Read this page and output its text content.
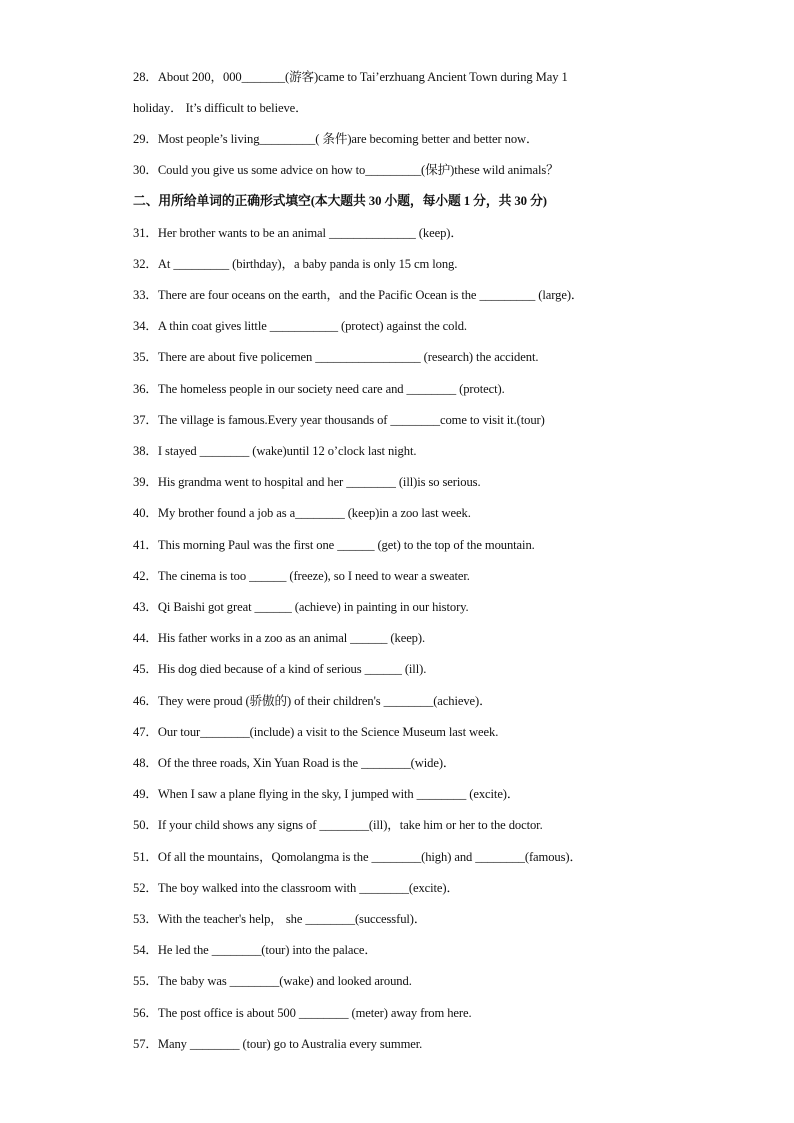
28．About 200，000_______(游客)came to Tai’erzhuang Ancient Town during May 1
holiday． It’s difficult to believe．
29．Most people’s living_________( 条件)are becoming better and better now．
30．Could you give us some advice on how to_________(保护)these wild animals？
二、用所给单词的正确形式填空(本大题共 30 小题，每小题 1 分，共 30 分)
31．Her brother wants to be an animal ______________ (keep)．
32．At _________ (birthday)，a baby panda is only 15 cm long.
33．There are four oceans on the earth，and the Pacific Ocean is the _________ (large)．
34．A thin coat gives little ___________ (protect) against the cold.
35．There are about five policemen _________________ (research) the accident.
36．The homeless people in our society need care and ________ (protect).
37．The village is famous.Every year thousands of ________come to visit it.(tour)
38．I stayed ________ (wake)until 12 o’clock last night.
39．His grandma went to hospital and her ________ (ill)is so serious.
40．My brother found a job as a________ (keep)in a zoo last week.
41．This morning Paul was the first one ______ (get) to the top of the mountain.
42．The cinema is too ______ (freeze), so I need to wear a sweater.
43．Qi Baishi got great ______ (achieve) in painting in our history.
44．His father works in a zoo as an animal ______ (keep).
45．His dog died because of a kind of serious ______ (ill).
46．They were proud (骄傲的) of their children's ________(achieve)．
47．Our tour________(include) a visit to the Science Museum last week.
48．Of the three roads, Xin Yuan Road is the ________(wide)．
49．When I saw a plane flying in the sky, I jumped with ________ (excite)．
50．If your child shows any signs of ________(ill)，take him or her to the doctor.
51．Of all the mountains，Qomolangma is the ________(high) and ________(famous)．
52．The boy walked into the classroom with ________(excite)．
53．With the teacher's help， she ________(successful)．
54．He led the ________(tour) into the palace．
55．The baby was ________(wake) and looked around.
56．The post office is about 500 ________ (meter) away from here.
57．Many ________ (tour) go to Australia every summer.
